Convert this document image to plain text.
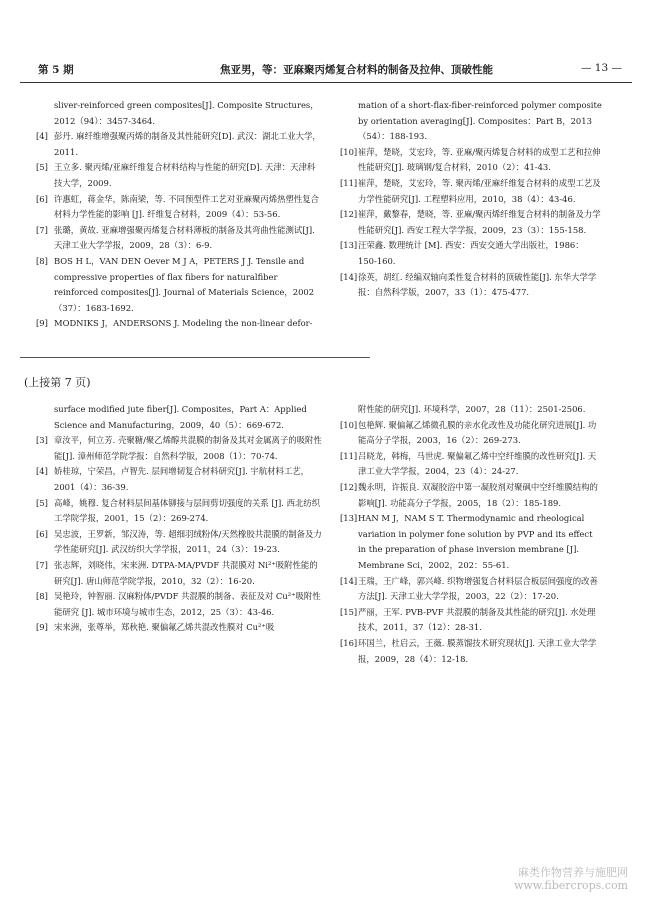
第 5 期	焦亚男，等：亚麻聚丙烯复合材料的制备及拉伸、顶破性能	— 13 —
sliver-reinforced green composites[J]. Composite Structures，2012（94）：3457-3464.
[4] 彭丹. 麻纤维增强聚丙烯的制备及其性能研究[D]. 武汉：湖北工业大学，2011.
[5] 王立多. 聚丙烯/亚麻纤维复合材料结构与性能的研究[D]. 天津：天津科技大学，2009.
[6] 许惠虹，蒋金华，陈南梁，等. 不同预型件工艺对亚麻聚丙烯热塑性复合材料力学性能的影响 [J]. 纤维复合材料，2009（4）：53-56.
[7] 张璐，黄故. 亚麻增强聚丙烯复合材料薄板的制备及其弯曲性能测试[J]. 天津工业大学学报，2009，28（3）：6-9.
[8] BOS H L，VAN DEN Oever M J A，PETERS J J. Tensile and compressive properties of flax fibers for naturalfiber reinforced composites[J]. Journal of Materials Science，2002（37）：1683-1692.
[9] MODNIKS J，ANDERSONS J. Modeling the non-linear defor-
mation of a short-flax-fiber-reinforced polymer composite by orientation averaging[J]. Composites：Part B，2013（54）：188-193.
[10] 崔萍，楚晓，艾宏玲，等. 亚麻/聚丙烯复合材料的成型工艺和拉伸性能研究[J]. 玻璃钢/复合材料，2010（2）：41-43.
[11] 崔萍，楚晓，艾宏玲，等. 聚丙烯/亚麻纤维复合材料的成型工艺及力学性能研究[J]. 工程塑料应用，2010，38（4）：43-46.
[12] 崔萍，戴黎春，楚晓，等. 亚麻/聚丙烯纤维复合材料的制备及力学性能研究[J]. 西安工程大学学报，2009，23（3）：155-158.
[13] 汪荣鑫. 数理统计 [M]. 西安：西安交通大学出版社，1986：150-160.
[14] 徐英，胡红. 经编双轴向柔性复合材料的顶破性能[J]. 东华大学学报：自然科学版，2007，33（1）：475-477.
(上接第 7 页)
surface modified jute fiber[J]. Composites，Part A：Applied Science and Manufacturing，2009，40（5）：669-672.
[3] 章汝平，何立芳. 壳聚糖/聚乙烯醇共混膜的制备及其对金属离子的吸附性能[J]. 漳州师范学院学报：自然科学版，2008（1）：70-74.
[4] 娇桂琼，宁荣昌，卢智先. 层间增韧复合材料研究[J]. 宇航材料工艺，2001（4）：36-39.
[5] 高峰，姚穆. 复合材料层间基体铆接与层间剪切强度的关系 [J]. 西北纺织工学院学报，2001，15（2）：269-274.
[6] 吴忠波，王罗新，邹汉涛，等. 超细羽绒粉体/天然橡胶共混膜的制备及力学性能研究[J]. 武汉纺织大学学报，2011，24（3）：19-23.
[7] 张志辉，刘晓伟，宋来洲. DTPA-MA/PVDF 共混膜对 Ni²⁺吸附性能的研究[J]. 唐山师范学院学报，2010，32（2）：16-20.
[8] 吴艳玲，钟智丽. 汉麻粉体/PVDF 共混膜的制备、表征及对 Cu²⁺吸附性能研究 [J]. 城市环境与城市生态，2012，25（3）：43-46.
[9] 宋来洲，张尊举，郑秋艳. 聚偏氟乙烯共混改性膜对 Cu²⁺吸
附性能的研究[J]. 环境科学，2007，28（11）：2501-2506.
[10] 包艳辉. 聚偏氟乙烯微孔膜的亲水化改性及功能化研究进展[J]. 功能高分子学报，2003，16（2）：269-273.
[11] 吕晓龙，韩梅，马世虎. 聚偏氟乙烯中空纤维膜的改性研究[J]. 天津工业大学学报，2004，23（4）：24-27.
[12] 魏永明，许振良. 双凝胶浴中第一凝胶剂对聚砜中空纤维膜结构的影响[J]. 功能高分子学报，2005，18（2）：185-189.
[13] HAN M J，NAM S T. Thermodynamic and rheological variation in polymer fone solution by PVP and its effect in the preparation of phase inversion membrane [J]. Membrane Sci，2002，202：55-61.
[14] 王瑞，王广峰，郭兴峰. 织物增强复合材料层合板层间强度的改善方法[J]. 天津工业大学学报，2003，22（2）：17-20.
[15] 严丽，王军. PVB-PVF 共混膜的制备及其性能的研究[J]. 水处理技术，2011，37（12）：28-31.
[16] 环国兰，杜启云，王薇. 膜蒸馏技术研究现状[J]. 天津工业大学学报，2009，28（4）：12-18.
麻类作物营养与施肥网
www.fibercrops.com
